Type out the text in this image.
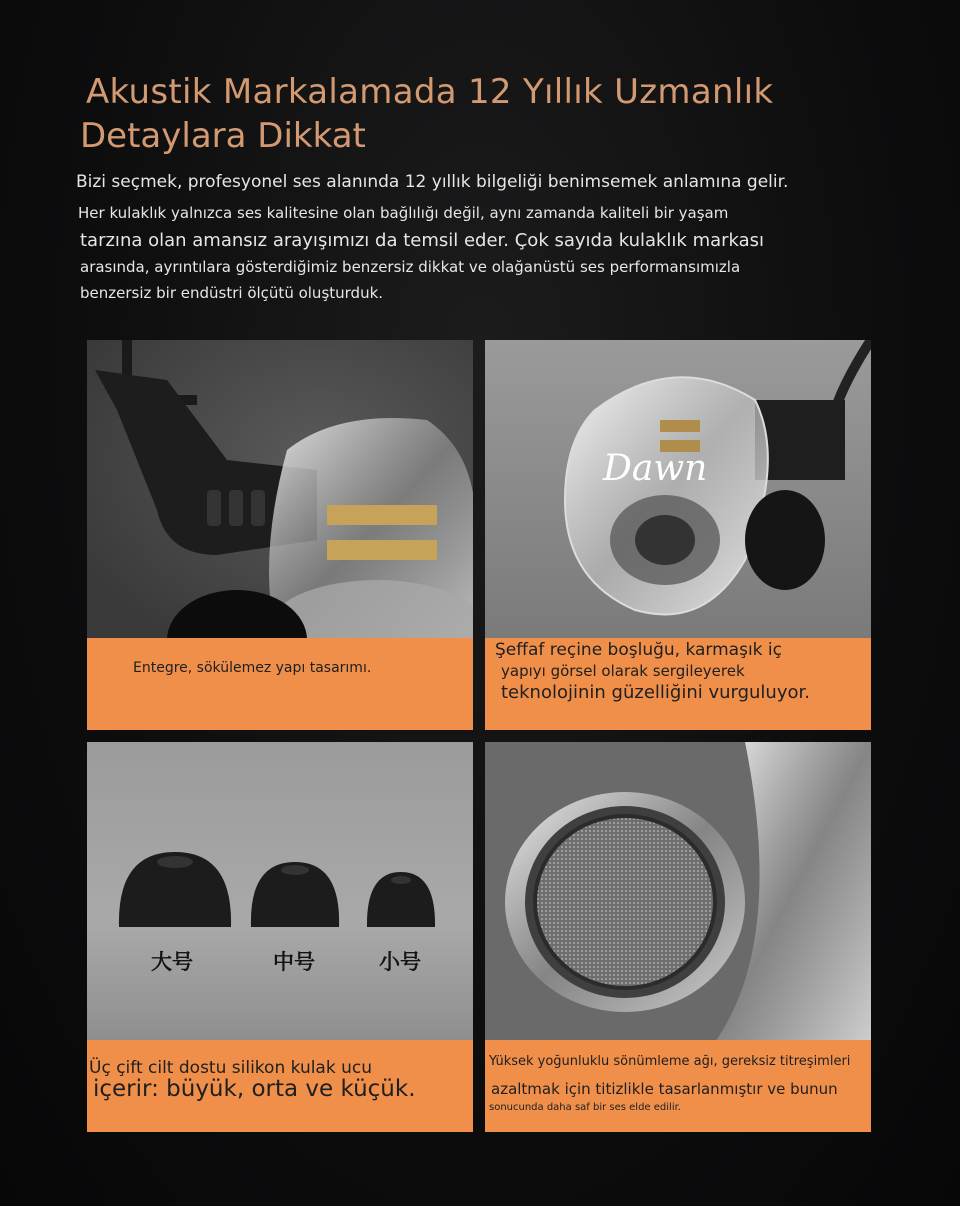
Akustik Markalamada 12 Yıllık Uzmanlık
Detaylara Dikkat
Bizi seçmek, profesyonel ses alanında 12 yıllık bilgeliği benimsemek anlamına gelir.
Her kulaklık yalnızca ses kalitesine olan bağlılığı değil, aynı zamanda kaliteli bir yaşam
tarzına olan amansız arayışımızı da temsil eder. Çok sayıda kulaklık markası
arasında, ayrıntılara gösterdiğimiz benzersiz dikkat ve olağanüstü ses performansımızla
benzersiz bir endüstri ölçütü oluşturduk.
Entegre, sökülemez yapı tasarımı.
Dawn
Şeffaf reçine boşluğu, karmaşık iç
yapıyı görsel olarak sergileyerek
teknolojinin güzelliğini vurguluyor.
大号	中号	小号
Üç çift cilt dostu silikon kulak ucu
içerir: büyük, orta ve küçük.
Yüksek yoğunluklu sönümleme ağı, gereksiz titreşimleri
azaltmak için titizlikle tasarlanmıştır ve bunun
sonucunda daha saf bir ses elde edilir.
